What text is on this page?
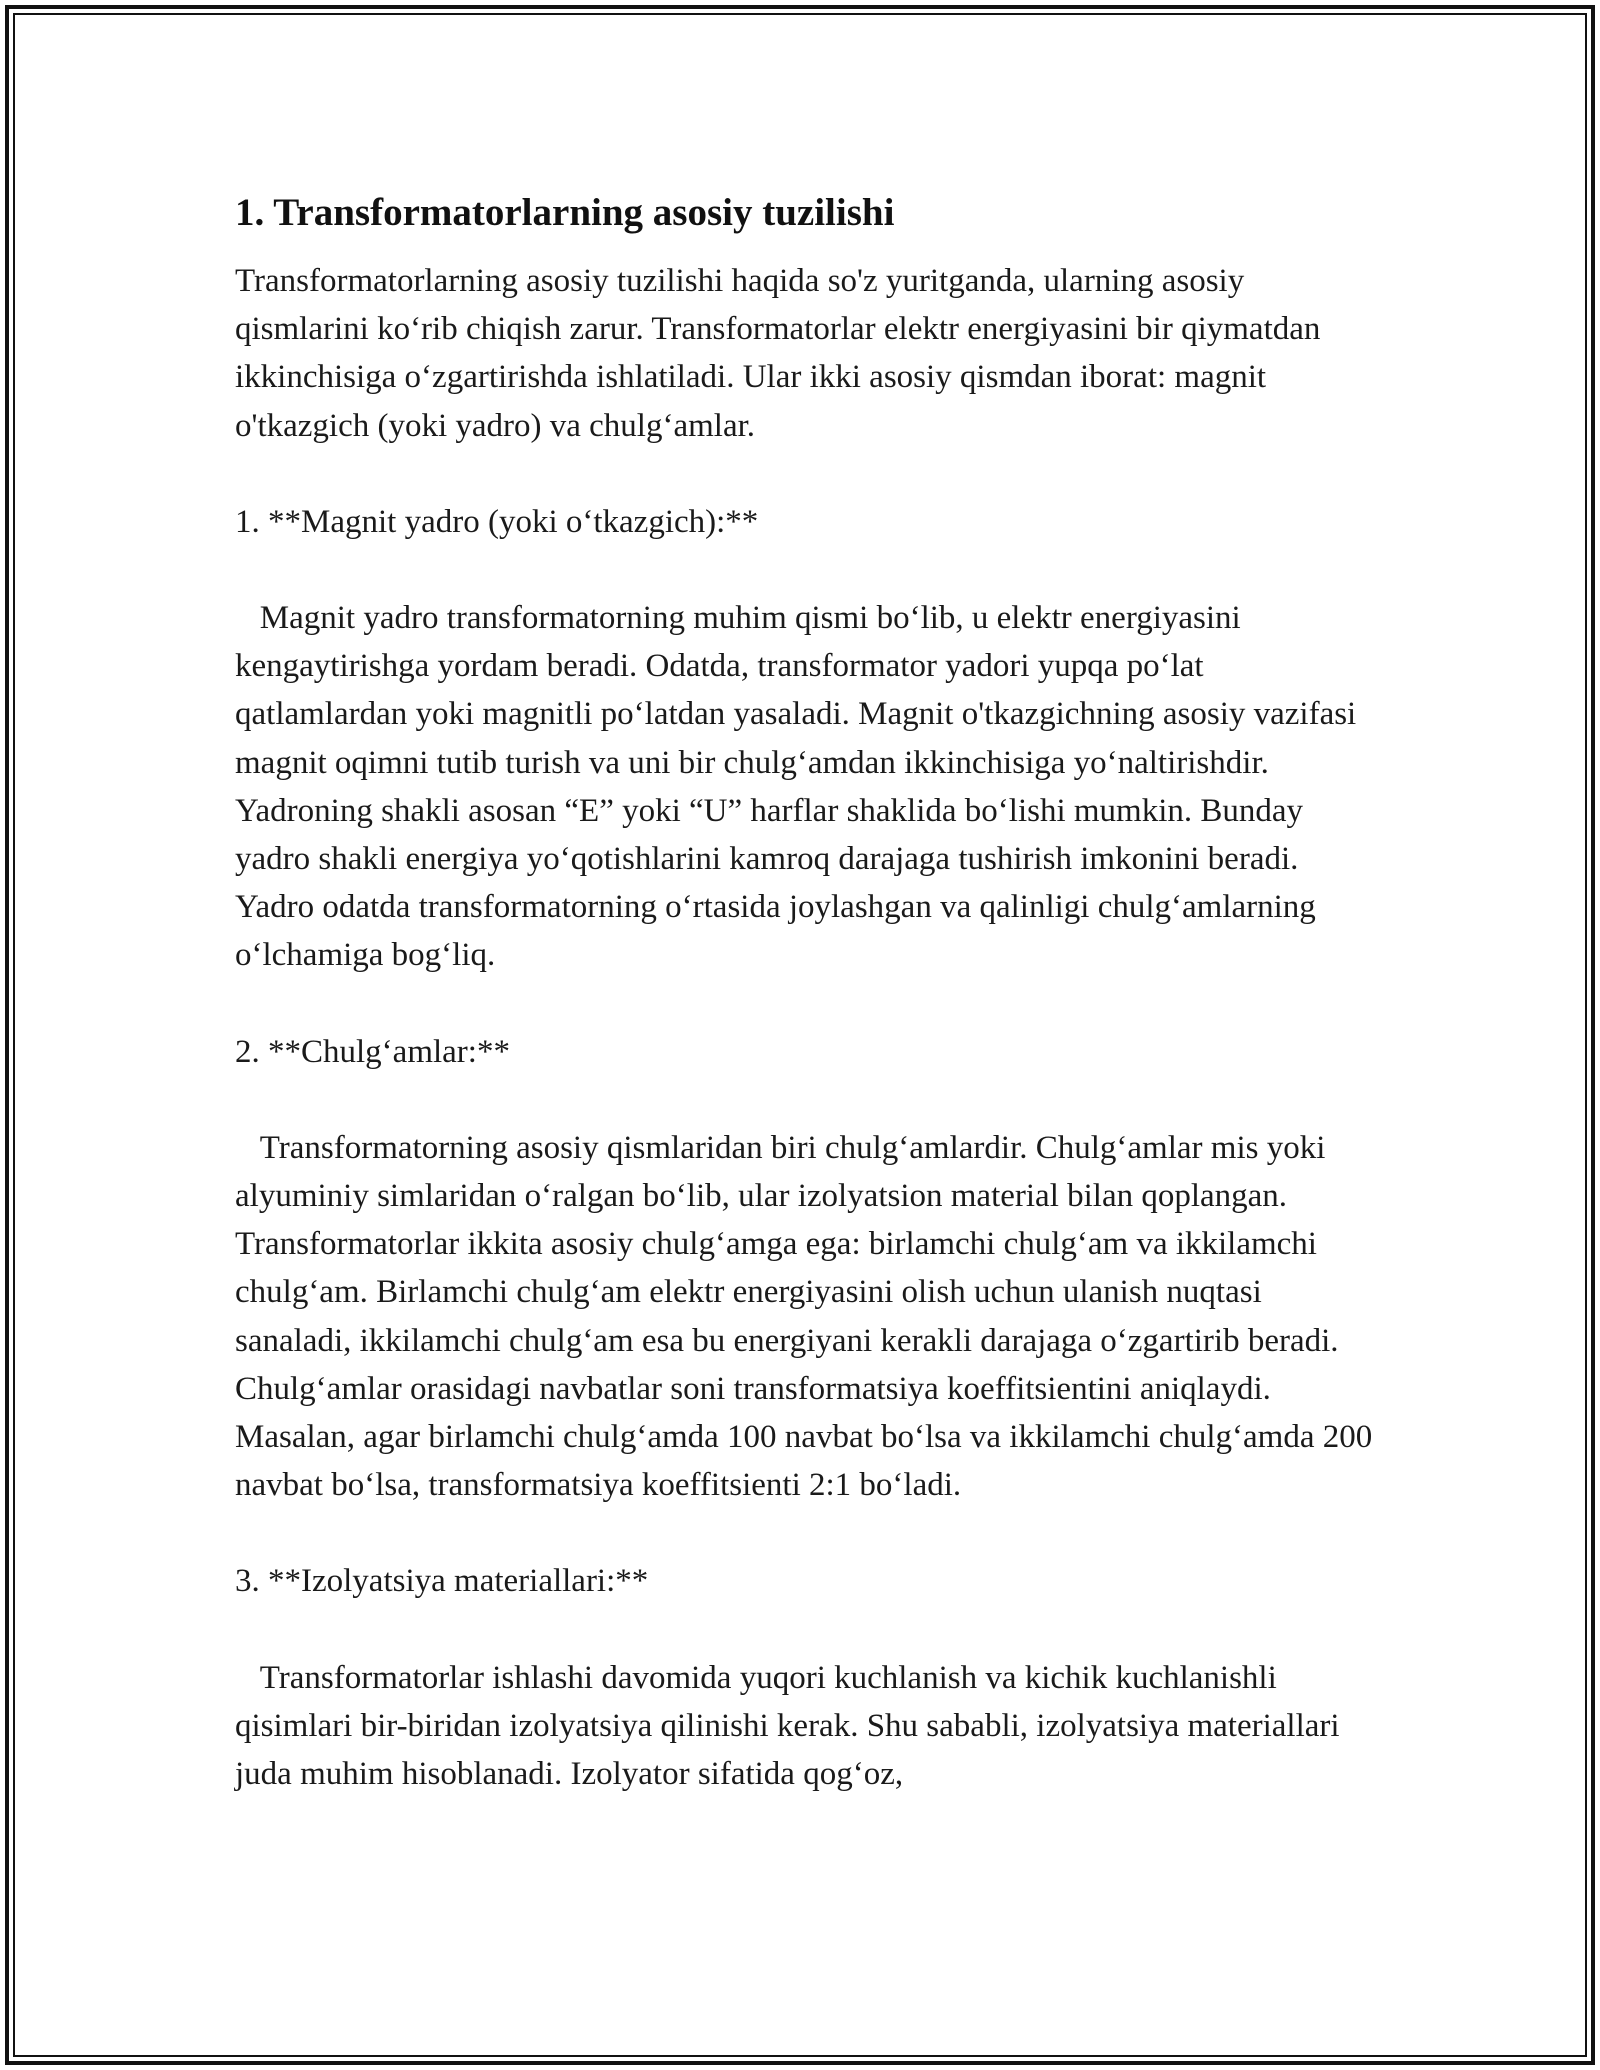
1. Transformatorlarning asosiy tuzilishi

Transformatorlarning asosiy tuzilishi haqida so'z yuritganda, ularning asosiy qismlarini ko‘rib chiqish zarur. Transformatorlar elektr energiyasini bir qiymatdan ikkinchisiga o‘zgartirishda ishlatiladi. Ular ikki asosiy qismdan iborat: magnit o'tkazgich (yoki yadro) va chulg‘amlar.

1. **Magnit yadro (yoki o‘tkazgich):**

Magnit yadro transformatorning muhim qismi bo‘lib, u elektr energiyasini kengaytirishga yordam beradi. Odatda, transformator yadori yupqa po‘lat qatlamlardan yoki magnitli po‘latdan yasaladi. Magnit o'tkazgichning asosiy vazifasi magnit oqimni tutib turish va uni bir chulg‘amdan ikkinchisiga yo‘naltirishdir. Yadroning shakli asosan “E” yoki “U” harflar shaklida bo‘lishi mumkin. Bunday yadro shakli energiya yo‘qotishlarini kamroq darajaga tushirish imkonini beradi. Yadro odatda transformatorning o‘rtasida joylashgan va qalinligi chulg‘amlarning o‘lchamiga bog‘liq.

2. **Chulg‘amlar:**

Transformatorning asosiy qismlaridan biri chulg‘amlardir. Chulg‘amlar mis yoki alyuminiy simlaridan o‘ralgan bo‘lib, ular izolyatsion material bilan qoplangan. Transformatorlar ikkita asosiy chulg‘amga ega: birlamchi chulg‘am va ikkilamchi chulg‘am. Birlamchi chulg‘am elektr energiyasini olish uchun ulanish nuqtasi sanaladi, ikkilamchi chulg‘am esa bu energiyani kerakli darajaga o‘zgartirib beradi. Chulg‘amlar orasidagi navbatlar soni transformatsiya koeffitsientini aniqlaydi. Masalan, agar birlamchi chulg‘amda 100 navbat bo‘lsa va ikkilamchi chulg‘amda 200 navbat bo‘lsa, transformatsiya koeffitsienti 2:1 bo‘ladi.

3. **Izolyatsiya materiallari:**

Transformatorlar ishlashi davomida yuqori kuchlanish va kichik kuchlanishli qisimlari bir-biridan izolyatsiya qilinishi kerak. Shu sababli, izolyatsiya materiallari juda muhim hisoblanadi. Izolyator sifatida qog‘oz,
